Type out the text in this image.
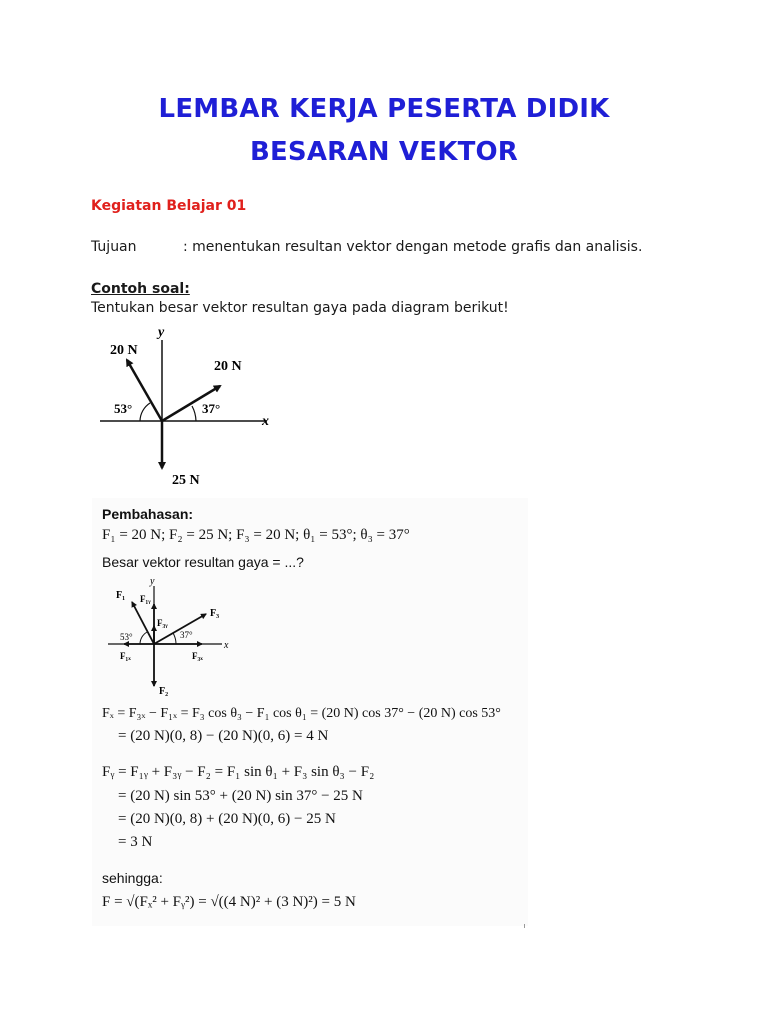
LEMBAR KERJA PESERTA DIDIK
BESARAN VEKTOR
Kegiatan Belajar 01
Tujuan	: menentukan resultan vektor dengan metode grafis dan analisis.
Contoh soal:
Tentukan besar vektor resultan gaya pada diagram berikut!
y
x
20 N
20 N
25 N
53°	37°
Pembahasan:
F₁ = 20 N; F₂ = 25 N; F₃ = 20 N; θ₁ = 53°; θ₃ = 37°
Besar vektor resultan gaya = ...?
y
x
F₁ F₁ᵧ
F₃
F₃ᵧ
53°	37°
F₁ₓ	F₃ₓ
F₂
Fₓ = F₃ₓ − F₁ₓ = F₃ cos θ₃ − F₁ cos θ₁ = (20 N) cos 37° − (20 N) cos 53°
= (20 N)(0, 8) − (20 N)(0, 6) = 4 N
Fᵧ = F₁ᵧ + F₃ᵧ − F₂ = F₁ sin θ₁ + F₃ sin θ₃ − F₂
= (20 N) sin 53° + (20 N) sin 37° − 25 N
= (20 N)(0, 8) + (20 N)(0, 6) − 25 N
= 3 N
sehingga:
F = √(Fₓ² + Fᵧ²) = √((4 N)² + (3 N)²) = 5 N
